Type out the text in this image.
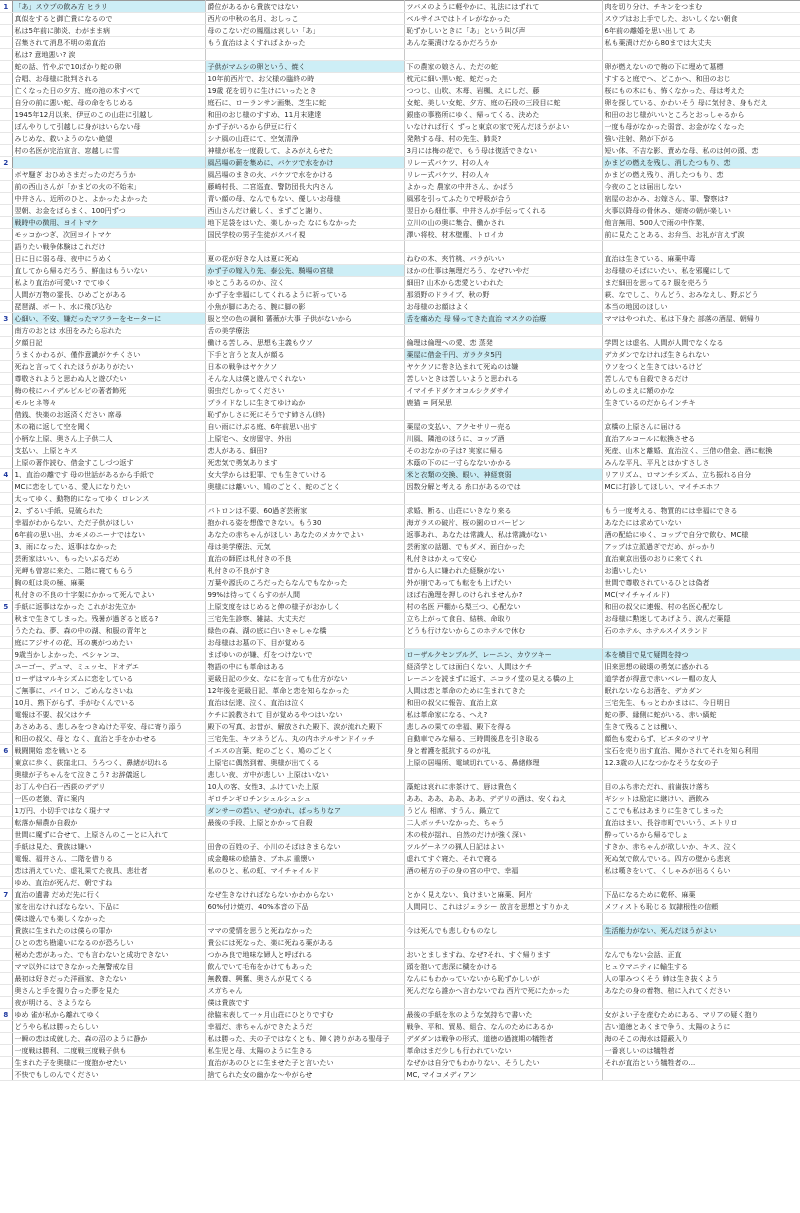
1	「あ」スウプの飲み方 ヒラリ	爵位があるから貴族ではない	ツバメのように軽やかに、礼法にはずれて	肉を切り分け、チキンをつまむ
	真似をすると御亡貴になるので	西片の中秋の名月、おしっこ	ベルサイユではトイレがなかった	スウプはお上手でした、おいしくない朝食
	私は5年前に肺炎、わがまま病	母のこないだの鳳凰は哀しい「あ」	恥ずかしいときに「あ」という叫び声	6年前の離婚を思い出して あ
	召集されて消息不明の弟直治	もう直治はよくすればよかった	あんな薬漬けなるかだろうか	私も薬漬けだから80までは大丈夫
	私は? 意地悪い? 涙			
	蛇の話、竹やぶで10ばかり蛇の卵	子供がマムシの卵という、焼く	下の農家の娘さん、ただの蛇	卵が燃えないので梅の下に埋めて墓標
	合唱、お母様に批判される	10年前西片で、お父様の臨終の時	枕元に細い黒い蛇、蛇だった	すすると庭でへ、どこかへ、和田のおじ
	亡くなった日の夕方、庭の池の木すべて	19歳 花を切りに生けにいったとき	つつじ、山吹、木苺、岩楓、えにしだ、藤	桜にもの木にも、怖くなかった、母は考えた
	自分の前に悪い蛇、母の命をちじめる	庭石に、ローランサン画集、芝生に蛇	女蛇、美しい女蛇、夕方、庭の石段の三段目に蛇	卵を探している、かわいそう 母に気付き、身もだえ
	1945年12月以来、伊豆のこの山荘に引越し	和田のおじ様のすすめ、11月末建達	銀座の事務所にゆく、帰ってくる、決めた	和田のおじ様がいいところとおっしゃるから
	ぼんやりして引越しに身がはいらない母	かず子がいるから伊豆に行く	いなければ行く ずっと東京の家で死んだほうがよい	一度も母がなかった弱音、お金がなくなった
	みじめな、救いようのない絶望	シナ風の山荘にて、空気清浄	発熱する母、村の先生、肺炎?	強い注射、熱が下がる
	村の名医が完治宣言、窓越しに雪	神様が私を一度殺して、よみがえらせた	3月には梅の花で、もう母は復活できない	短い体、不吉な影、責めな母、私のは何の頭、恋
2		風呂場の薪を集めに、バケツで水をかけ	リレー式バケツ、村の人々	かまどの燃えを残し、消したつもり、恋
	ボヤ騒ぎ おひめさまだったのだろうか	風呂場のまきの火、バケツで水をかける	リレー式バケツ、村の人々	かまどの燃え残り、消したつもり、恋
	前の西山さんが「かまどの火の不始末」	藤崎村長、二宮巡査、警防団長大内さん	よかった 農家の中井さん、かばう	今夜のことは届出しない
	中井さん、近所のひと、よかったよかった	青い顔の母、なんでもない、優しいお母様	風邪を引ってふたりで呼吸が合う	宿屋のおかみ、お嫁さん、罪、警察は?
	翌朝、お金をばらまく、100円ずつ	西山さんだけ厳しく、まずごと謝り、	翌日から畑仕事、中井さんが手伝ってくれる	火事以降母の骨休み、畑寄の朝が楽しい
	戦時中の徴用、ヨイトマケ	地下足袋をはいた、楽しかった なにもなかった	立川の山の奥に集合、働かされ	他言無用、500人で雨の中作業、
	モッコかつぎ、次回ヨイトマケ	国民学校の男子生徒がスパイ視	澤い将校、材木壁塵、トロイカ	前に見たことある、お弁当、お礼が言えず涙
	語りたい戦争体験はこれだけ			
	日に日に弱る母、夜中にうめく	夏の花が好きな人は夏に死ぬ	ねむの木、夾竹桃、バラがいい	直治は生きている、麻薬中毒
	直してから帰るだろう、鮮血はもういない	かず子の嫁入り先、泰公先、騎場の宮様	ほかの仕事は無理だろう、なぜ?いやだ	お母様のそばにいたい、私を邪魔にして
	私より直治が可愛い? でてゆく	ゆとこうあるのか、泣く	細田? 山木から恋愛といわれた	まだ細田を思ってる? 服を売ろう
	人間が万物の霊長、ひめごとがある	かず子を幸福にしてくれるように祈っている	那須野のドライブ、秋の野	萩、なでしこ、りんどう、おみなえし、野ぶどう
	琵琶湖、ボート、水に飛び込む	小魚が脚にあたる、腕に脚の影	お母様のお顔はよく	本当の地図のほしい
3	心細い、不安、嫌だったマフラーをセーターに	服と空の色の調和 薔薇が大事 子供がないから	舌を痛めた 母 帰ってきた直治 マスクの治療	ママはやつれた、私は下身た 部落の酒屋、朝帰り
	南方のおとは 水田をみたら忘れた	舌の美学療法		
	夕顔日記	働ける苦しみ、思想も主義もウソ	倫理は倫理への愛、恋 蒸発	学問とは虚名、人間が人間でなくなる
	うまくかわるが、僅作意識がケチくさい	下手と言うと友人が顔る	薬屋に借金千円、ガラクタ5円	デカダンでなければ生きられない
	死ねと言ってくれたほうがありがたい	日本の戦争はヤケクソ	ヤケクソに巻き込まれて死ぬのは嫌	ウソをつくと生きてはいるけど
	尊敬されようと思わぬ人と遊びたい	そんな人は僕と遊んでくれない	苦しいときは苦しいようと思われる	苦しんでも自殺できるだけ
	梅の枝にハイデルピルピの著者飾死	弱虫だしかってください	イマイチドダケオコルシクダサイ	めしのまえに額のかな
	モルヒネ等々	プライドなしに生きてゆけぬか	鹿猫 = 阿呆思	生きているのだからインチキ
	借銭、快楽のお返済ください 席尋	恥ずかしさに死にそうです姉さん(終)		
	木の箱に返して空を聞く	自い雨にけぶる庭、6年前思い出す	薬屋の支払い、アクセサリー売る	京橋の上原さんに届ける
	小柄な上原、奥さん上子供二人	上原宅へ、女房留守、外出	川風、隣池のほうに、コップ酒	直治アルコールに転換させる
	支払い、上原とキス	恋人がある、細田?	そのおなかの子は? 実家に帰る	死産、山木と離婚、直治泣く、三借の借金、酒に転換
	上原の著作読む、借金すこしづつ返す	死恋気で勇気あります	木蔭の下のに一寸らなないかかる	みんな平凡、平凡とはかすさしさ
4	1、直治の離です 母の世話があるから手紙で	女大学からは犯罪、でも生きていける	米と衣類の交換、眼い、神経衰弱	リアリズム、ロマンチシズム、立ち振れる自分
	MCに恋をしている、愛人になりたい	奥様には離いい、鳩のごとく、蛇のごとく	因数分解と考える 糸口があるのでは	MCに打診してほしい、マイチエホフ
	太ってゆく、動物的になってゆく ロレンス			
	2、ずるい手紙、見破られた	パトロンは不要、60過ぎ芸術家	求婚、断る、山荘にいきなり来る	もう一度考える、物質的には幸福にできる
	幸福がわからない、ただ子供がほしい	抱かれる姿を想像できない。もう30	海ガラスの破片、桜の園のロパーピン	あなたには求めていない
	6年前の思い出、カモメのニーナではない	あなたの赤ちゃんがほしい あなたのメカケでよい	返事あれ、あなたは常識人、私は常識がない	酒の配給にゆく、コップで自分で飲む、MC様
	3、雨になった、返事はなかった	母は美学療法、元気	芸術家の話題、でもダメ、面白かった	アップは立派過ぎでだめ、がっかり
	芸術家はいい、もったいぶるだめ	直治の師匠は札付きの不良	札付きはかえって安心	直治東京出張のおりに来てくれ
	光岬も曾窓に来た、二階に寝てもらう	札付きの不良がすき	昔から人に嫌われた経験がない	お遣いしたい
	胸の虹は炎の極、麻薬	万葉や源氏のころだったらなんでもなかった	外が崩であっても転をも上げたい	世間で尊敬されているひとは偽者
	札付きの不良の十字架にかかって死んでよい	99%は待ってくらすのが人間	ほば右漁理を押しのけられませんか?	MC(マイチャイルド)
5	手紙に返事はなかった これがお先立か	上原支度をはじめると伸の様子がおかしく	村の名医 戸棚から梨三つ、心配ない	和田の叔父に連報、村の名医心配なし
	秋まで生きてしまった。残暑が過ぎると底る?	三宅先生診察、雑誌、大丈夫だ	立ち上がって食自、結核、命取り	お母様に勲迷してあげよう、涙んだ薬隠
	うたたね、夢、森の中の湖、和服の青年と	緑色の森、湖の底に白いきゃしゃな橋	どうも行けないからこのホテルで休む	石のホテル、ホテルスイスランド
	庭にアジサイの花、耳の裏がつめたい	お母様はお墓の下、目が覚める		
	9歳当かしよかった、ペシャンコ、	まばゆいのが嫌、灯をつけないで	ローザルクセンブルグ、レーニン、カウツキー	本を横目で見て疑問を持つ
	ユーゴー、デュマ、ミュッセ、ドオデエ	物語の中にも革命はある	経済学としては面白くない、人間はケチ	旧来思想の破壊の勇気に惑かれる
	ローザはマルキシズムに恋をしている	更級日記の少女、なにを言っても仕方がない	レーニンを読まずに返す、ニコライ堂の見える橋の上	道学者が得意で赤いベレー帽の友人
	ご無事に、バイロン、ごめんなさいね	12年後を更級日記、革命と恋を知らなかった	人間は恋と革命のために生まれてきた	眠れないならお酒を、デカダン
	10月、熟下がらず、手がむくんでいる	直治は伝達、泣く、直治は泣く	和田の叔父に報告、直治上京	三宅先生、もっとわかまはに、今日明日
	電報は不要、叔父はケチ	ケチに説教されて 目が覚めるやつはいない	私は革命家になる、へえ?	蛇の夢、縁側に蛇がいる、赤い縞蛇
	あさめある、悲しみをつきぬけた平安、母に寄り添う	殿下の写真、お昔が、解放された殿下、涙が流れた殿下	悲しみの果ての幸福、殿下を得る	生きて残ることは醜い、
	和田の叔父、母と なく、直治と手をかわせる	三宅先生、キツネうどん、丸の内ホテルサンドイッチ	自動車でみな帰る、三時間後息を引き取る	顔色も変わらず、ビエタのマリヤ
6	戦闘開始 恋を戦いとる	イエスの言葉、蛇のごとく、鳩のごとく	身と着護を抵抗するのが礼	宝石を売り出す直治、聞かされてそれを知ら利用
	東京に歩く、荻窪北口、うろつく、鼻緒が切れる	上原宅に偶然到着、奥様が出てくる	上原の居場所、電域切れている、鼻緒修理	12.3歳の人になつかなそうな女の子
	奥様が子ちゃんをて泣きこう? お辞儀返し	悲しい夜、ガ中が悲しい 上原はいない		
	お丁んや白石一西荻のデデリ	10人の客、女性3、ふけていた上原	藻蛇は哀れに赤茶けて、唇は貴色く	目のふち赤ただれ、前歯抜け落ち
	一匹の老猿、背に案内	ギロチンギロチンシュルシュシュ	ああ、ああ、ああ、ああ、デデリの酒は、安くねえ	ギシットは励定に継けい、酒飲み
	1万円、小切手ではなく現ナマ	ダンサーの若い、ぜつかれ、ぱっちりなア	うどん 相席、すうん、鍋立て	ここでも私はあまりに生きてしまった
	転落か帰農か自殺か	最後の手段、上原とかかって自殺	二人ボッチいなかった、ちゃう	直治はまい、長谷市町でいいう、エトリロ
	世間に魔ずに合せて、上原さんのこーとに入れて		木の枝が揺れ、自然のだけが強く深い	酔っているから帰るでしょ
	手紙は見た、貴族は嫌い	田舎の百姓の子、小川のそばはきまらない	ツルゲーネフの猟人日記はよい	すきか、赤ちゃんが欲しいか、キス、泣く
	電報、福井さん、二階を借りる	成金趣味の絵描き、ブホぶ 重懐い	虚れてすぐ寝た、それで寝る	死ぬ気で飲んでいる。四方の壁から悲哀
	恋は消えていた、虚礼果てた夜具、悲壮者	私のひと、私の虹、マイチャイルド	酒の秘方の子の身の宮の中で、幸福	私は嘆きをいて、くしゃみが出るくらい
	ゆめ、直治が死んだ、朝ですね			
7	直治の遺書 だめだ先に行く	なぜ生きなければならないかわからない	とかく見えない、負けまいと麻薬、阿片	下品になるために乾杯、麻薬
	家を出なければならない、下品に	60%付け焼刃、40%本音の下品	人間同じ、これはジェラシー 放言を思想とすりかえ	メフィストも恥じる 奴隷根性の信頼
	僕は遊んでも楽しくなかった			
	貴族に生まれたのは僕らの罪か	ママの愛情を思うと死ねなかった	今は死んでも悲しむものなし	生活能力がない、死んだほうがよい
	ひとの恋ち勘違いになるのが恐ろしい	貴公には死なった、楽に死ねる薬がある		
	秘めた恋があった、でも言わないと成功できない	つかみ良で地味な婦人と呼ばれる	おいとましますね、なぜ?それ、すぐ帰ります	なんでもない会話、正直
	ママ以外にはできなかった無警戒な目	飲んでいて毛布をかけてもあった	頭を抱いて悲深に穢をかける	ヒュウマニティに輸生する
	最初は好きだった洋画家、きたない	無教養、興奮、奥さんが見てくる	なんにもわかっていないから恥ずかしいが	人の罪みつくそう 姉は生き抜くよう
	奥さんと手を握り合った夢を見た	スガちゃん	死んだなら誰かへ言わないでね 西片で死にたかった	あなたの身の着物、棺に入れてください
	夜が明ける、さようなら	僕は貴族です		
8	ゆめ 雀が私から離れてゆく	徐脇末表して一ヶ月山荘にひとりですむ	最後の手紙を氷のような気持ちで書いた	女がよい子を産むためにある、マリアの疑く抱り
	どうやら私は勝ったらしい	幸福だ、赤ちゃんができたようだ	戦争、平和、貿易、組合、なんのためにあるか	古い道徳とあくまで争う、太陽のように
	一瞬の恋は成就した、森の沼のように静か	私は勝った、夫の子ではなくとも、陣く誇りがある聖母子	デダダンは戦争の形式、道徳の過渡期の犠牲者	海のそこの海水は隠蔽入り
	一度戦は勝利、二度戦三度戦子供も	私生児と母、太陽のように生きる	革命はまだ少しも行われていない	一番哀しいのは犠牲者
	生まれた子を奥様に一度抱かせたい	直治があのひとに生ませた子と言いたい	なぜかは自分でもわかりない、そうしたい	それが直治という犠牲者の...
	不快でもしのんでください	捨てられた女の幽かな～やがらせ	MC, マイコメディアン	
